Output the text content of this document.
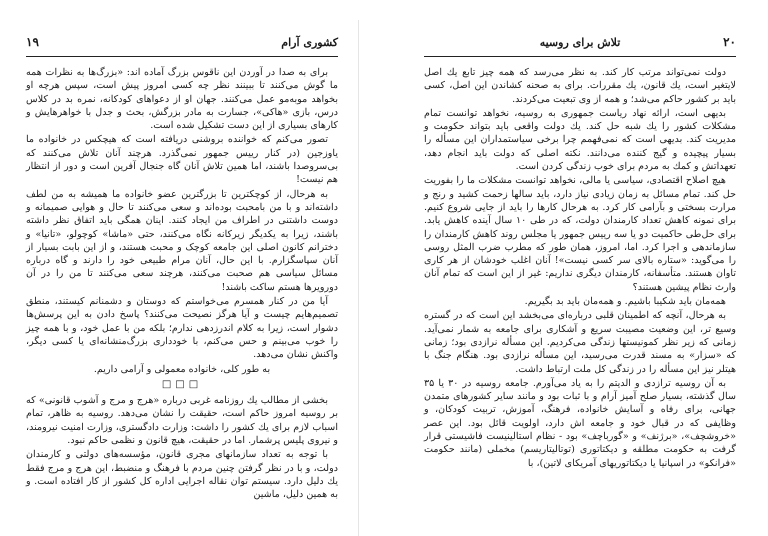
کشوری آرام
۱۹

برای به صدا در آوردن این ناقوس بزرگ آماده اند: «بزرگ‌ها به نظرات همه ما گوش می‌کنند تا ببینند نظر چه کسی امروز پیش است، سپس هرچه او بخواهد مو‌به‌مو عمل می‌کنند. جهان او از دعواهای کودکانه، نمره بد در کلاس درس، بازی «هاکی»، جسارت به مادر بزرگش، بحث و جدل با خواهرهایش و کارهای بسیاری از این دست تشکیل شده است.

تصور می‌کنم که خواننده بروشنی دریافته است که هیچکس در خانواده ما یاوزجین (در کنار رییس جمهور نمی‌گذرد. هرچند آنان تلاش می‌کنند که بی‌سروصدا باشند، اما همین تلاش آنان گاه جنجال آفرین است و دور از انتظار هم نیست!

به هرحال، از کوچکترین تا بزرگترین عضو خانواده ما همیشه به من لطف داشته‌اند و با من بامحبت بوده‌اند و سعی می‌کنند تا حال و هوایی صمیمانه و دوست داشتنی در اطراف من ایجاد کنند. اینان همگی باید اتفاق نظر داشته باشند، زیرا به یکدیگر زیرکانه نگاه می‌کنند، حتی «ماشا» کوچولو، «تانیا» و دخترانم کانون اصلی این جامعه کوچک و محبت هستند، و از این بابت بسیار از آنان سپاسگزارم. با این حال، آنان مرام طبیعی خود را دارند و گاه درباره مسائل سیاسی هم صحبت می‌کنند، هرچند سعی می‌کنند تا من را در آن دورویرها هستم ساکت باشند!

آیا من در کنار همسرم می‌خواستم که دوستان و دشمنانم کیستند، منطق تصمیم‌هایم چیست و آیا هرگز نصیحت می‌کنند؟ پاسخ دادن به این پرسش‌ها دشوار است، زیرا به کلام اندرزدهی ندارم؛ بلکه من با عمل خود، و با همه چیز را خوب می‌بینم و حس می‌کنم، با خودداری بزرگ‌منشانه‌ای یا کسی دیگر، واکنش نشان می‌دهد.

به طور کلی، خانواده معمولی و آرامی داریم.

□□□

بخشی از مطالب یك روزنامه غربی درباره «هرج و مرج و آشوب قانونی» که بر روسیه امروز حاکم است، حقیقت را نشان می‌دهد. روسیه به ظاهر، تمام اسباب لازم برای یك کشور را داشت: وزارت دادگستری، وزارت امنیت نیرومند، و نیروی پلیس پرشمار. اما در حقیقت، هیچ قانون و نظمی حاکم نبود.

با توجه به تعداد سازمانهای مجری قانون، مؤسسه‌های دولتی و کارمندان دولت، و با در نظر گرفتن چنین مردم با فرهنگ و منضبط، این هرج و مرج فقط یك دلیل دارد. سیستم توان نقاله اجرایی اداره کل کشور از کار افتاده است. و به همین دلیل، ماشین

تلاش برای روسیه	۲۰

دولت نمی‌تواند مرتب کار کند. به نظر می‌رسد که همه چیز تابع یك اصل لایتغیر است، یك قانون، یك مقررات. برای به صحنه کشاندن این اصل، کسی باید بر کشور حاکم می‌شد؛ و همه از وی تبعیت می‌کردند.

بدیهی است، ارائه نهاد ریاست جمهوری به روسیه، نخواهد توانست تمام مشکلات کشور را یك شبه حل کند. یك دولت واقعی باید بتواند حکومت و مدیریت کند. بدیهی است که نمی‌فهمم چرا برخی سیاستمداران این مسأله را بسیار پیچیده و گیج کننده می‌دانند. نکته اصلی که دولت باید انجام دهد، تعهداتش و کمك به مردم برای خوب زندگی کردن است.

هیچ اصلاح اقتصادی، سیاسی یا مالی، نخواهد توانست مشکلات ما را بفوریت حل کند. تمام مسائل به زمان زیادی نیاز دارد، باید سالها زحمت کشید و رنج و مرارت بسختی و بآرامی کار کرد. به هرحال کارها را باید از جایی شروع کنیم. برای نمونه کاهش تعداد کارمندان دولت، که در طی ۱۰ سال آینده کاهش یابد. برای حل‌طی حاکمیت دو یا سه رییس جمهور یا مجلس روند کاهش کارمندان را سازماندهی و اجرا کرد. اما، امروز، همان طور که مطرب ضرب المثل روسی را می‌گوید: «ستاره بالای سر کسی نیست»! آنان اغلب خودشان از هر کاری تاوان هستند. متأسفانه، کارمندان دیگری نداریم: غیر از این است که تمام آنان وارث نظام پیشین هستند؟

همه‌مان باید شکیبا باشیم. و همه‌مان باید بد بگیریم.

به هرحال، آنچه که اطمینان قلبی درباره‌ای می‌بخشد این است که در گستره وسیع تر، این وضعیت مصیبت سریع و آشکاری برای جامعه به شمار نمی‌آید. زمانی که زیر نظر کمونیستها زندگی می‌کردیم. این مسأله نرازدی بود؛ زمانی که «سزار» به مسند قدرت می‌رسید، این مسأله نرازدی بود. هنگام جنگ با هیتلر نیز این مسأله را در زندگی کل ملت ارتباط داشت.

به آن روسیه ترازدی و الدیتم را به یاد می‌آورم. جامعه روسیه در ۳۰ یا ۳۵ سال گذشته، بسیار صلح آمیز آرام و با ثبات بود و مانند سایر کشورهای متمدن جهانی، برای رفاه و آسایش خانواده، فرهنگ، آموزش، تربیت کودکان، و وظایفی که در قبال خود و جامعه اش دارد، اولویت قائل بود. این عصر «خروشچف»، «برژنف» و «گورباچف» بود - نظام استالینیست فاشیستی قرار گرفت به حکومت مطلقه و دیکتاتوری (توتالیتاریسم) مخملی (مانند حکومت «فرانکو» در اسپانیا یا دیکتاتوریهای آمریکای لاتین)، با
